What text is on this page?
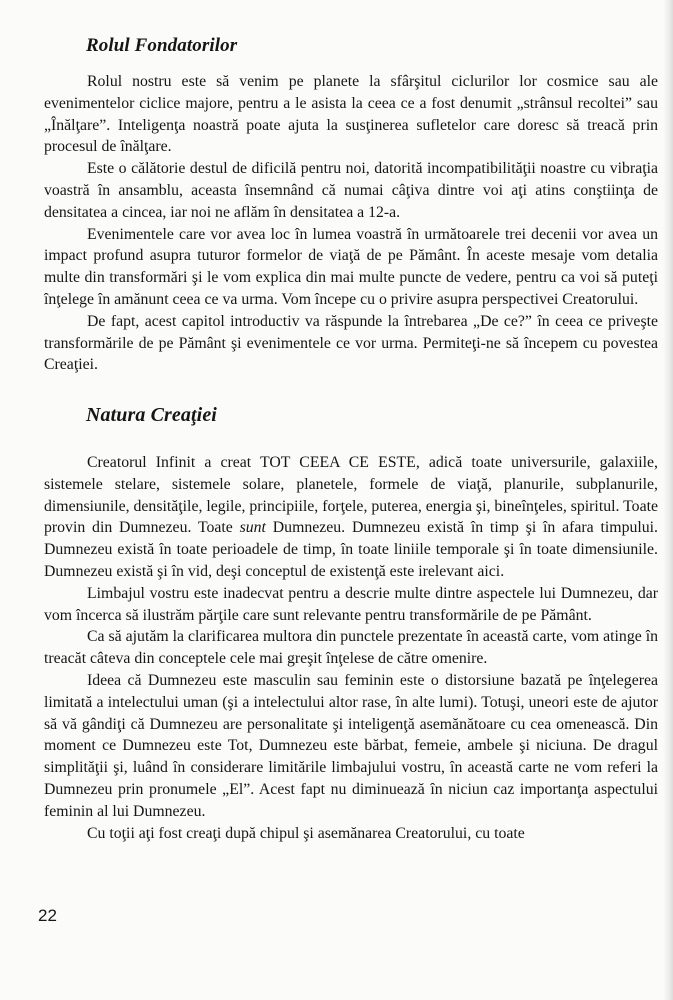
Rolul Fondatorilor

Rolul nostru este să venim pe planete la sfârşitul ciclurilor lor cosmice sau ale evenimentelor ciclice majore, pentru a le asista la ceea ce a fost denumit „strânsul recoltei” sau „Înălţare”. Inteligenţa noastră poate ajuta la susţinerea sufletelor care doresc să treacă prin procesul de înălţare.

Este o călătorie destul de dificilă pentru noi, datorită incompatibilităţii noastre cu vibraţia voastră în ansamblu, aceasta însemnând că numai câţiva dintre voi aţi atins conştiinţa de densitatea a cincea, iar noi ne aflăm în densitatea a 12-a.

Evenimentele care vor avea loc în lumea voastră în următoarele trei decenii vor avea un impact profund asupra tuturor formelor de viaţă de pe Pământ. În aceste mesaje vom detalia multe din transformări şi le vom explica din mai multe puncte de vedere, pentru ca voi să puteţi înţelege în amănunt ceea ce va urma. Vom începe cu o privire asupra perspectivei Creatorului.

De fapt, acest capitol introductiv va răspunde la întrebarea „De ce?” în ceea ce priveşte transformările de pe Pământ şi evenimentele ce vor urma. Permiteţi-ne să începem cu povestea Creaţiei.

Natura Creaţiei

Creatorul Infinit a creat TOT CEEA CE ESTE, adică toate universurile, galaxiile, sistemele stelare, sistemele solare, planetele, formele de viaţă, planurile, subplanurile, dimensiunile, densităţile, legile, principiile, forţele, puterea, energia şi, bineînţeles, spiritul. Toate provin din Dumnezeu. Toate sunt Dumnezeu. Dumnezeu există în timp şi în afara timpului. Dumnezeu există în toate perioadele de timp, în toate liniile temporale şi în toate dimensiunile. Dumnezeu există şi în vid, deşi conceptul de existenţă este irelevant aici.

Limbajul vostru este inadecvat pentru a descrie multe dintre aspectele lui Dumnezeu, dar vom încerca să ilustrăm părţile care sunt relevante pentru transformările de pe Pământ.

Ca să ajutăm la clarificarea multora din punctele prezentate în această carte, vom atinge în treacăt câteva din conceptele cele mai greşit înţelese de către omenire.

Ideea că Dumnezeu este masculin sau feminin este o distorsiune bazată pe înţelegerea limitată a intelectului uman (şi a intelectului altor rase, în alte lumi). Totuşi, uneori este de ajutor să vă gândiţi că Dumnezeu are personalitate şi inteligenţă asemănătoare cu cea omenească. Din moment ce Dumnezeu este Tot, Dumnezeu este bărbat, femeie, ambele şi niciuna. De dragul simplităţii şi, luând în considerare limitările limbajului vostru, în această carte ne vom referi la Dumnezeu prin pronumele „El”. Acest fapt nu diminuează în niciun caz importanţa aspectului feminin al lui Dumnezeu.

Cu toţii aţi fost creaţi după chipul şi asemănarea Creatorului, cu toate

22
